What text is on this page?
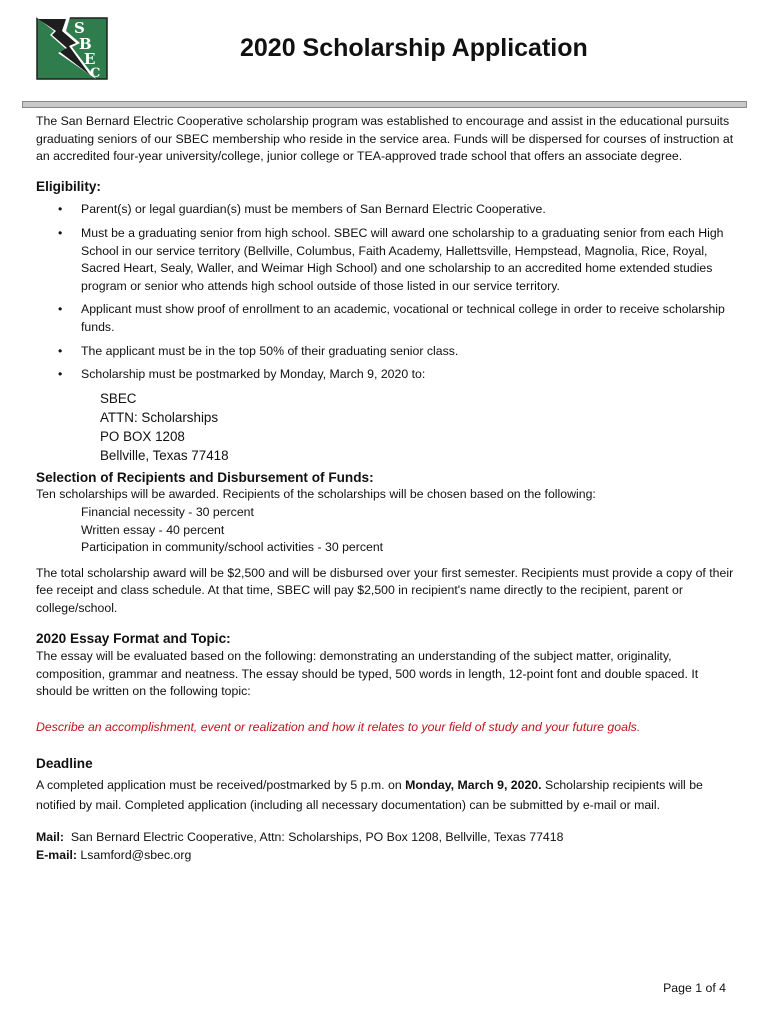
S
B
E
C
2020 Scholarship Application

The San Bernard Electric Cooperative scholarship program was established to encourage and assist in the educational pursuits graduating seniors of our SBEC membership who reside in the service area. Funds will be dispersed for courses of instruction at an accredited four-year university/college, junior college or TEA-approved trade school that offers an associate degree.

Eligibility:
• Parent(s) or legal guardian(s) must be members of San Bernard Electric Cooperative.
• Must be a graduating senior from high school. SBEC will award one scholarship to a graduating senior from each High School in our service territory (Bellville, Columbus, Faith Academy, Hallettsville, Hempstead, Magnolia, Rice, Royal, Sacred Heart, Sealy, Waller, and Weimar High School) and one scholarship to an accredited home extended studies program or senior who attends high school outside of those listed in our service territory.
• Applicant must show proof of enrollment to an academic, vocational or technical college in order to receive scholarship funds.
• The applicant must be in the top 50% of their graduating senior class.
• Scholarship must be postmarked by Monday, March 9, 2020 to:
SBEC
ATTN: Scholarships
PO BOX 1208
Bellville, Texas 77418
Selection of Recipients and Disbursement of Funds:

Ten scholarships will be awarded. Recipients of the scholarships will be chosen based on the following:

Financial necessity - 30 percent
Written essay - 40 percent
Participation in community/school activities - 30 percent

The total scholarship award will be $2,500 and will be disbursed over your first semester. Recipients must provide a copy of their fee receipt and class schedule. At that time, SBEC will pay $2,500 in recipient's name directly to the recipient, parent or college/school.

2020 Essay Format and Topic:

The essay will be evaluated based on the following: demonstrating an understanding of the subject matter, originality, composition, grammar and neatness. The essay should be typed, 500 words in length, 12-point font and double spaced. It should be written on the following topic:

Describe an accomplishment, event or realization and how it relates to your field of study and your future goals.

Deadline

A completed application must be received/postmarked by 5 p.m. on Monday, March 9, 2020. Scholarship recipients will be notified by mail. Completed application (including all necessary documentation) can be submitted by e-mail or mail.

Mail:  San Bernard Electric Cooperative, Attn: Scholarships, PO Box 1208, Bellville, Texas 77418
E-mail: Lsamford@sbec.org
Page 1 of 4
